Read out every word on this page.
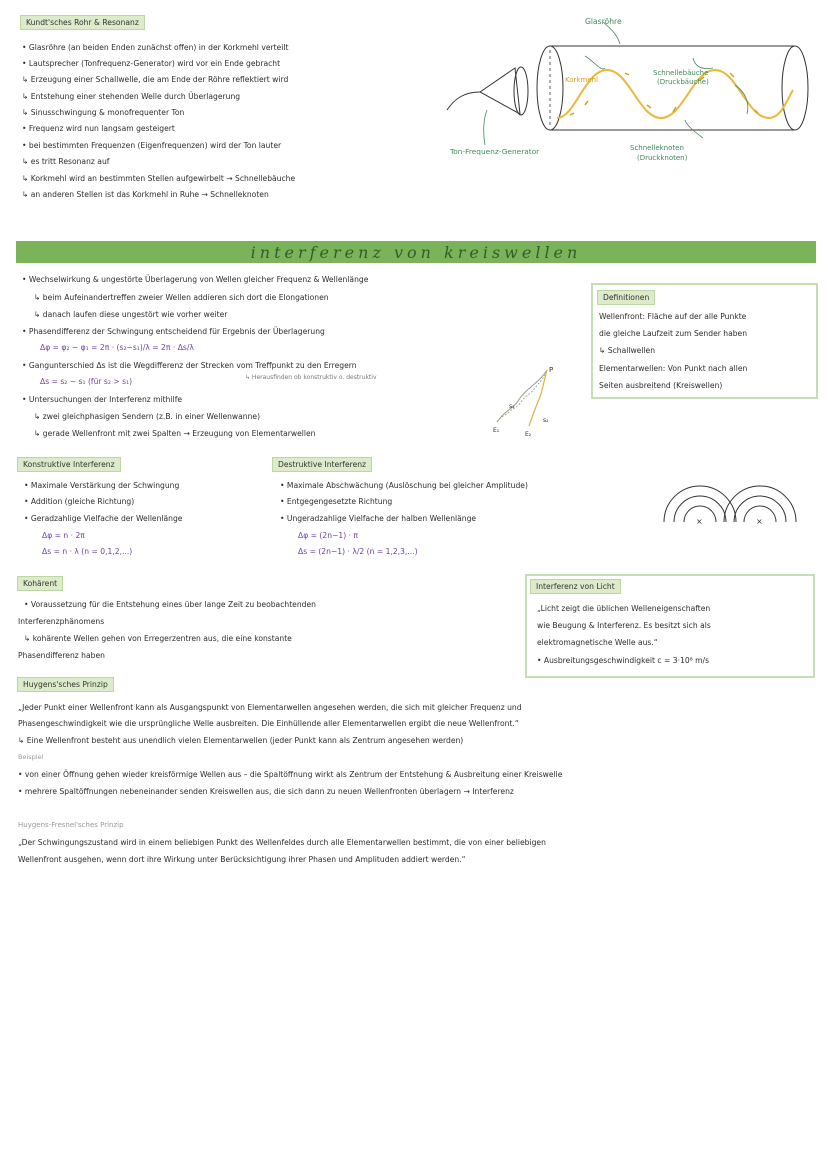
Kundt'sches Rohr & Resonanz
• Glasröhre (an beiden Enden zunächst offen) in der Korkmehl verteilt
• Lautsprecher (Tonfrequenz-Generator) wird vor ein Ende gebracht
↳ Erzeugung einer Schallwelle, die am Ende der Röhre reflektiert wird
↳ Entstehung einer stehenden Welle durch Überlagerung
↳ Sinusschwingung & monofrequenter Ton
• Frequenz wird nun langsam gesteigert
• bei bestimmten Frequenzen (Eigenfrequenzen) wird der Ton lauter
↳ es tritt Resonanz auf
↳ Korkmehl wird an bestimmten Stellen aufgewirbelt → Schnellebäuche
↳ an anderen Stellen ist das Korkmehl in Ruhe → Schnelleknoten
Glasröhre
Korkmehl
Schnellebäuche
(Druckbäuche)
Schnelleknoten
(Druckknoten)
Ton-Frequenz-Generator
interferenz von kreiswellen
• Wechselwirkung & ungestörte Überlagerung von Wellen gleicher Frequenz & Wellenlänge
↳ beim Aufeinandertreffen zweier Wellen addieren sich dort die Elongationen
↳ danach laufen diese ungestört wie vorher weiter
• Phasendifferenz der Schwingung entscheidend für Ergebnis der Überlagerung
Δφ = φ₂ − φ₁ = 2π · (s₂−s₁)/λ = 2π · Δs/λ
• Gangunterschied Δs ist die Wegdifferenz der Strecken vom Treffpunkt zu den Erregern
Δs = s₂ − s₁ (für s₂ > s₁)	↳ Herausfinden ob konstruktiv o. destruktiv
• Untersuchungen der Interferenz mithilfe
↳ zwei gleichphasigen Sendern (z.B. in einer Wellenwanne)
↳ gerade Wellenfront mit zwei Spalten → Erzeugung von Elementarwellen
P
s₁
s₂
E₁
E₂
Definitionen
Wellenfront: Fläche auf der alle Punkte
die gleiche Laufzeit zum Sender haben
↳ Schallwellen
Elementarwellen: Von Punkt nach allen
Seiten ausbreitend (Kreiswellen)
Konstruktive Interferenz
• Maximale Verstärkung der Schwingung
• Addition (gleiche Richtung)
• Geradzahlige Vielfache der Wellenlänge
Δφ = n · 2π
Δs = n · λ (n = 0,1,2,...)
Destruktive Interferenz
• Maximale Abschwächung (Auslöschung bei gleicher Amplitude)
• Entgegengesetzte Richtung
• Ungeradzahlige Vielfache der halben Wellenlänge
Δφ = (2n−1) · π
Δs = (2n−1) · λ/2 (n = 1,2,3,...)
×	×
Kohärent
• Voraussetzung für die Entstehung eines über lange Zeit zu beobachtenden
Interferenzphänomens
↳ kohärente Wellen gehen von Erregerzentren aus, die eine konstante
Phasendifferenz haben
Interferenz von Licht
„Licht zeigt die üblichen Welleneigenschaften
wie Beugung & Interferenz. Es besitzt sich als
elektromagnetische Welle aus.“
• Ausbreitungsgeschwindigkeit c = 3·10⁸ m/s
Huygens'sches Prinzip
„Jeder Punkt einer Wellenfront kann als Ausgangspunkt von Elementarwellen angesehen werden, die sich mit gleicher Frequenz und
Phasengeschwindigkeit wie die ursprüngliche Welle ausbreiten. Die Einhüllende aller Elementarwellen ergibt die neue Wellenfront.“
↳ Eine Wellenfront besteht aus unendlich vielen Elementarwellen (jeder Punkt kann als Zentrum angesehen werden)
Beispiel
• von einer Öffnung gehen wieder kreisförmige Wellen aus – die Spaltöffnung wirkt als Zentrum der Entstehung & Ausbreitung einer Kreiswelle
• mehrere Spaltöffnungen nebeneinander senden Kreiswellen aus, die sich dann zu neuen Wellenfronten überlagern → Interferenz
Huygens-Fresnel'sches Prinzip
„Der Schwingungszustand wird in einem beliebigen Punkt des Wellenfeldes durch alle Elementarwellen bestimmt, die von einer beliebigen
Wellenfront ausgehen, wenn dort ihre Wirkung unter Berücksichtigung ihrer Phasen und Amplituden addiert werden.“
